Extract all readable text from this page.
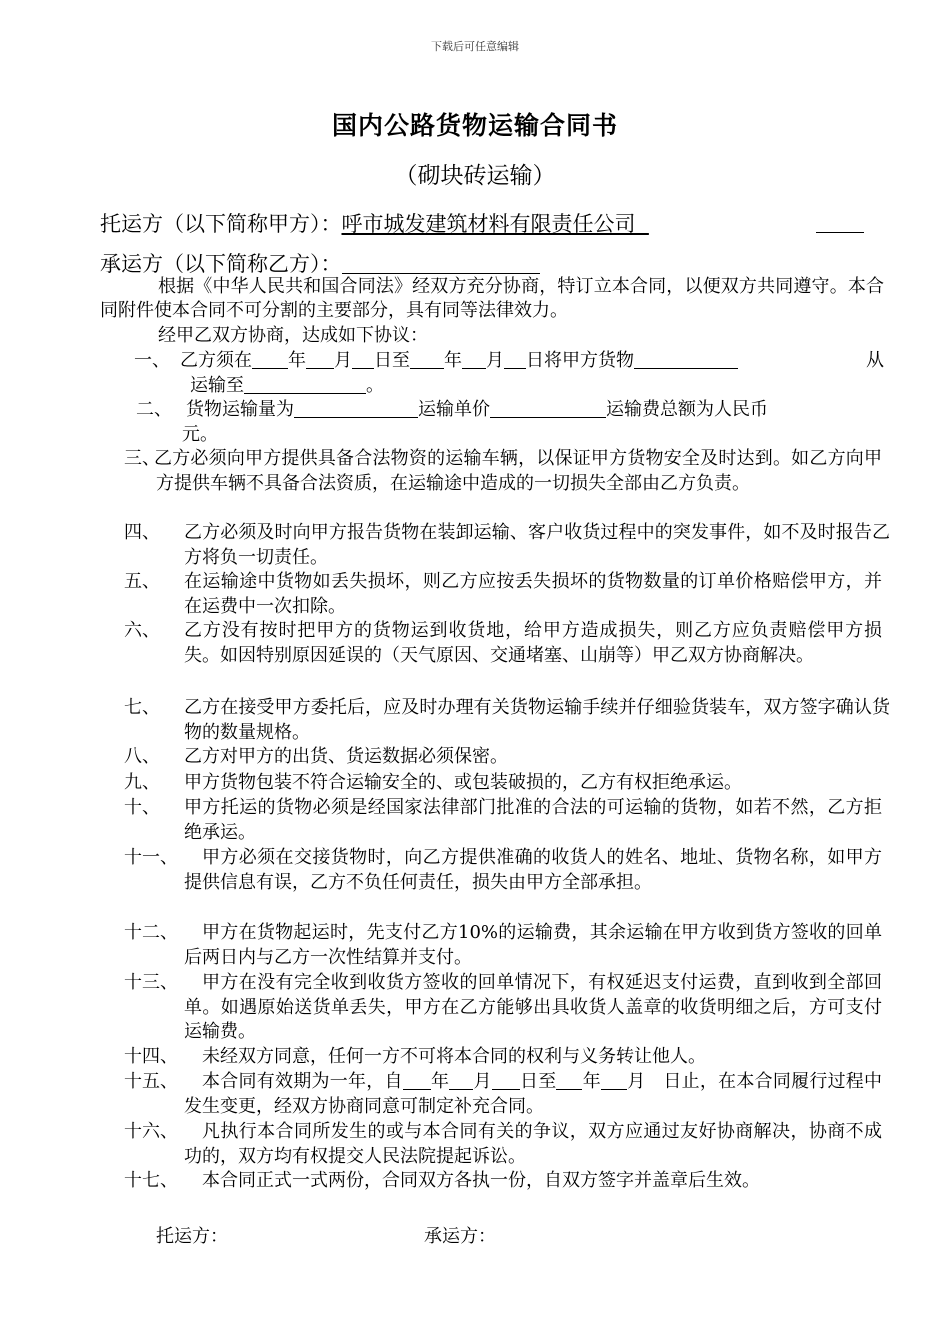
下载后可任意编辑
国内公路货物运输合同书
（砌块砖运输）
托运方（以下简称甲方）：呼市城发建筑材料有限责任公司
承运方（以下简称乙方）：
根据《中华人民共和国合同法》经双方充分协商，特订立本合同，以便双方共同遵守。本合同附件使本合同不可分割的主要部分，具有同等法律效力。
经甲乙双方协商，达成如下协议：
一、 乙方须在 年 月 日至 年 月 日将甲方货物	从
运输至	。
二、 货物运输量为	运输单价	运输费总额为人民币
元。
三、
乙方必须向甲方提供具备合法物资的运输车辆，以保证甲方货物安全及时达到。如乙方向甲方提供车辆不具备合法资质，在运输途中造成的一切损失全部由乙方负责。
四、	乙方必须及时向甲方报告货物在装卸运输、客户收货过程中的突发事件，如不及时报告乙方将负一切责任。
五、	在运输途中货物如丢失损坏，则乙方应按丢失损坏的货物数量的订单价格赔偿甲方，并在运费中一次扣除。
六、	乙方没有按时把甲方的货物运到收货地，给甲方造成损失，则乙方应负责赔偿甲方损失。如因特别原因延误的（天气原因、交通堵塞、山崩等）甲乙双方协商解决。
七、	乙方在接受甲方委托后，应及时办理有关货物运输手续并仔细验货装车，双方签字确认货物的数量规格。
八、	乙方对甲方的出货、货运数据必须保密。
九、	甲方货物包装不符合运输安全的、或包装破损的，乙方有权拒绝承运。
十、	甲方托运的货物必须是经国家法律部门批准的合法的可运输的货物，如若不然，乙方拒绝承运。
十一、	甲方必须在交接货物时，向乙方提供准确的收货人的姓名、地址、货物名称，如甲方提供信息有误，乙方不负任何责任，损失由甲方全部承担。
十二、	甲方在货物起运时，先支付乙方10%的运输费，其余运输在甲方收到货方签收的回单后两日内与乙方一次性结算并支付。
十三、	甲方在没有完全收到收货方签收的回单情况下，有权延迟支付运费，直到收到全部回单。如遇原始送货单丢失，甲方在乙方能够出具收货人盖章的收货明细之后，方可支付运输费。
十四、	未经双方同意，任何一方不可将本合同的权利与义务转让他人。
十五、	本合同有效期为一年，自 年 月 日至 年 月 日止，在本合同履行过程中发生变更，经双方协商同意可制定补充合同。
十六、	凡执行本合同所发生的或与本合同有关的争议，双方应通过友好协商解决，协商不成功的，双方均有权提交人民法院提起诉讼。
十七、	本合同正式一式两份，合同双方各执一份，自双方签字并盖章后生效。
托运方：	承运方：
